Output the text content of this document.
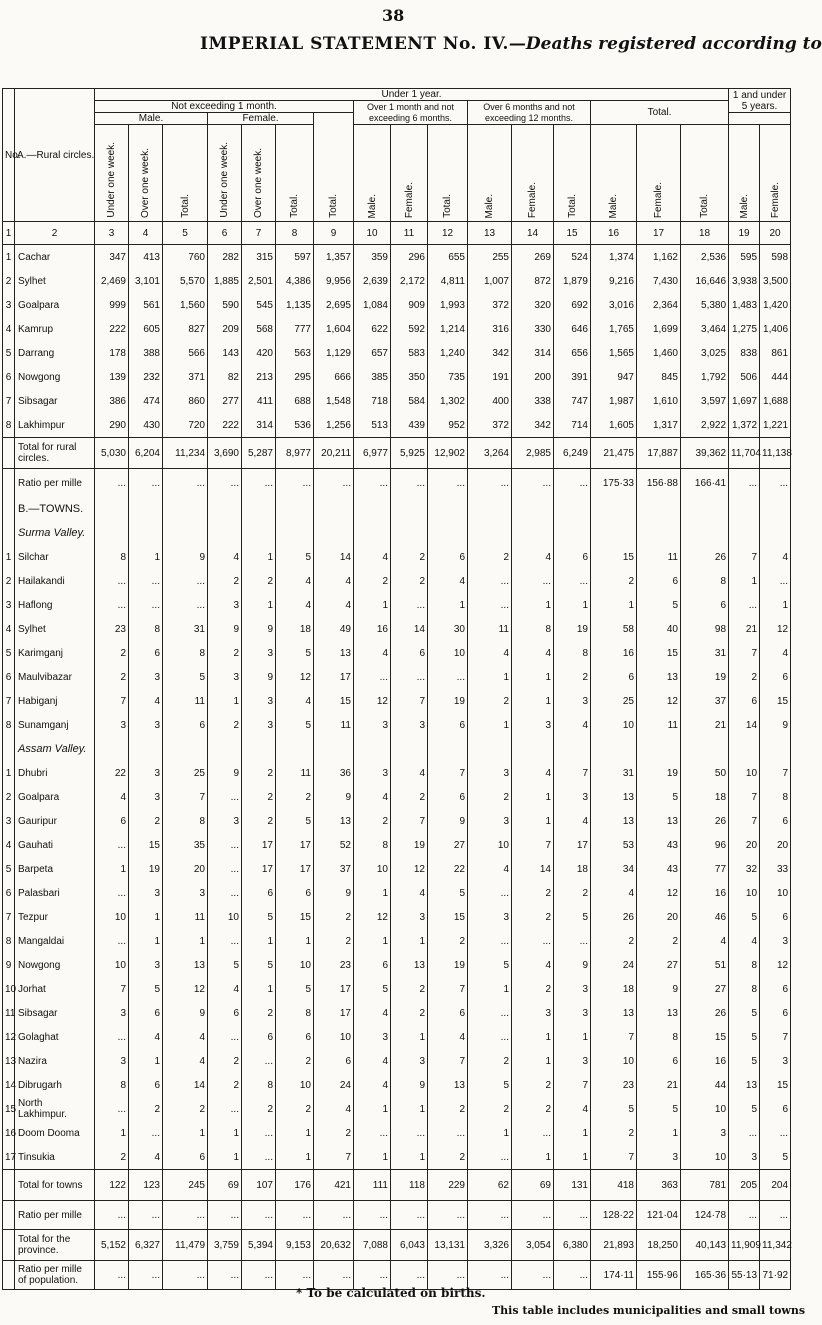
38
IMPERIAL STATEMENT No. IV.—Deaths registered according to
No.	A.—Rural circles.	Under 1 year.																1 and under 5 years.	
		Not exceeding 1 month.							Over 1 month and not exceeding 6 months.			Over 6 months and not exceeding 12 months.			Total.				
		Male.			Female.			Total.											
		Under one week.	Over one week.	Total.	Under one week.	Over one week.	Total.		Male.	Female.	Total.	Male.	Female.	Total.	Male.	Female.	Total.	Male.	Female.
1	2	3	4	5	6	7	8	9	10	11	12	13	14	15	16	17	18	19	20
1	Cachar	347	413	760	282	315	597	1,357	359	296	655	255	269	524	1,374	1,162	2,536	595	598
2	Sylhet	2,469	3,101	5,570	1,885	2,501	4,386	9,956	2,639	2,172	4,811	1,007	872	1,879	9,216	7,430	16,646	3,938	3,500
3	Goalpara	999	561	1,560	590	545	1,135	2,695	1,084	909	1,993	372	320	692	3,016	2,364	5,380	1,483	1,420
4	Kamrup	222	605	827	209	568	777	1,604	622	592	1,214	316	330	646	1,765	1,699	3,464	1,275	1,406
5	Darrang	178	388	566	143	420	563	1,129	657	583	1,240	342	314	656	1,565	1,460	3,025	838	861
6	Nowgong	139	232	371	82	213	295	666	385	350	735	191	200	391	947	845	1,792	506	444
7	Sibsagar	386	474	860	277	411	688	1,548	718	584	1,302	400	338	747	1,987	1,610	3,597	1,697	1,688
8	Lakhimpur	290	430	720	222	314	536	1,256	513	439	952	372	342	714	1,605	1,317	2,922	1,372	1,221
	Total for rural circles.	5,030	6,204	11,234	3,690	5,287	8,977	20,211	6,977	5,925	12,902	3,264	2,985	6,249	21,475	17,887	39,362	11,704	11,138
	Ratio per mille	...	...	...	...	...	...	...	...	...	...	...	...	...	175·33	156·88	166·41	...	...
	B.—TOWNS.																		
	Surma Valley.																		
1	Silchar	8	1	9	4	1	5	14	4	2	6	2	4	6	15	11	26	7	4
2	Hailakandi	...	...	...	2	2	4	4	2	2	4	...	...	...	2	6	8	1	...
3	Haflong	...	...	...	3	1	4	4	1	...	1	...	1	1	1	5	6	...	1
4	Sylhet	23	8	31	9	9	18	49	16	14	30	11	8	19	58	40	98	21	12
5	Karimganj	2	6	8	2	3	5	13	4	6	10	4	4	8	16	15	31	7	4
6	Maulvibazar	2	3	5	3	9	12	17	...	...	...	1	1	2	6	13	19	2	6
7	Habiganj	7	4	11	1	3	4	15	12	7	19	2	1	3	25	12	37	6	15
8	Sunamganj	3	3	6	2	3	5	11	3	3	6	1	3	4	10	11	21	14	9
	Assam Valley.																		
1	Dhubri	22	3	25	9	2	11	36	3	4	7	3	4	7	31	19	50	10	7
2	Goalpara	4	3	7	...	2	2	9	4	2	6	2	1	3	13	5	18	7	8
3	Gauripur	6	2	8	3	2	5	13	2	7	9	3	1	4	13	13	26	7	6
4	Gauhati	...	15	35	...	17	17	52	8	19	27	10	7	17	53	43	96	20	20
5	Barpeta	1	19	20	...	17	17	37	10	12	22	4	14	18	34	43	77	32	33
6	Palasbari	...	3	3	...	6	6	9	1	4	5	...	2	2	4	12	16	10	10
7	Tezpur	10	1	11	10	5	15	2	12	3	15	3	2	5	26	20	46	5	6
8	Mangaldai	...	1	1	...	1	1	2	1	1	2	...	...	...	2	2	4	4	3
9	Nowgong	10	3	13	5	5	10	23	6	13	19	5	4	9	24	27	51	8	12
10	Jorhat	7	5	12	4	1	5	17	5	2	7	1	2	3	18	9	27	8	6
11	Sibsagar	3	6	9	6	2	8	17	4	2	6	...	3	3	13	13	26	5	6
12	Golaghat	...	4	4	...	6	6	10	3	1	4	...	1	1	7	8	15	5	7
13	Nazira	3	1	4	2	...	2	6	4	3	7	2	1	3	10	6	16	5	3
14	Dibrugarh	8	6	14	2	8	10	24	4	9	13	5	2	7	23	21	44	13	15
15	North Lakhimpur.	...	2	2	...	2	2	4	1	1	2	2	2	4	5	5	10	5	6
16	Doom Dooma	1	...	1	1	...	1	2	...	...	...	1	...	1	2	1	3	...	...
17	Tinsukia	2	4	6	1	...	1	7	1	1	2	...	1	1	7	3	10	3	5
	Total for towns	122	123	245	69	107	176	421	111	118	229	62	69	131	418	363	781	205	204
	Ratio per mille	...	...	...	...	...	...	...	...	...	...	...	...	...	128·22	121·04	124·78	...	...
	Total for the province.	5,152	6,327	11,479	3,759	5,394	9,153	20,632	7,088	6,043	13,131	3,326	3,054	6,380	21,893	18,250	40,143	11,909	11,342
	Ratio per mille of population.	...	...	...	...	...	...	...	...	...	...	...	...	...	174·11	155·96	165·36	55·13	71·92
* To be calculated on births.
This table includes municipalities and small towns
